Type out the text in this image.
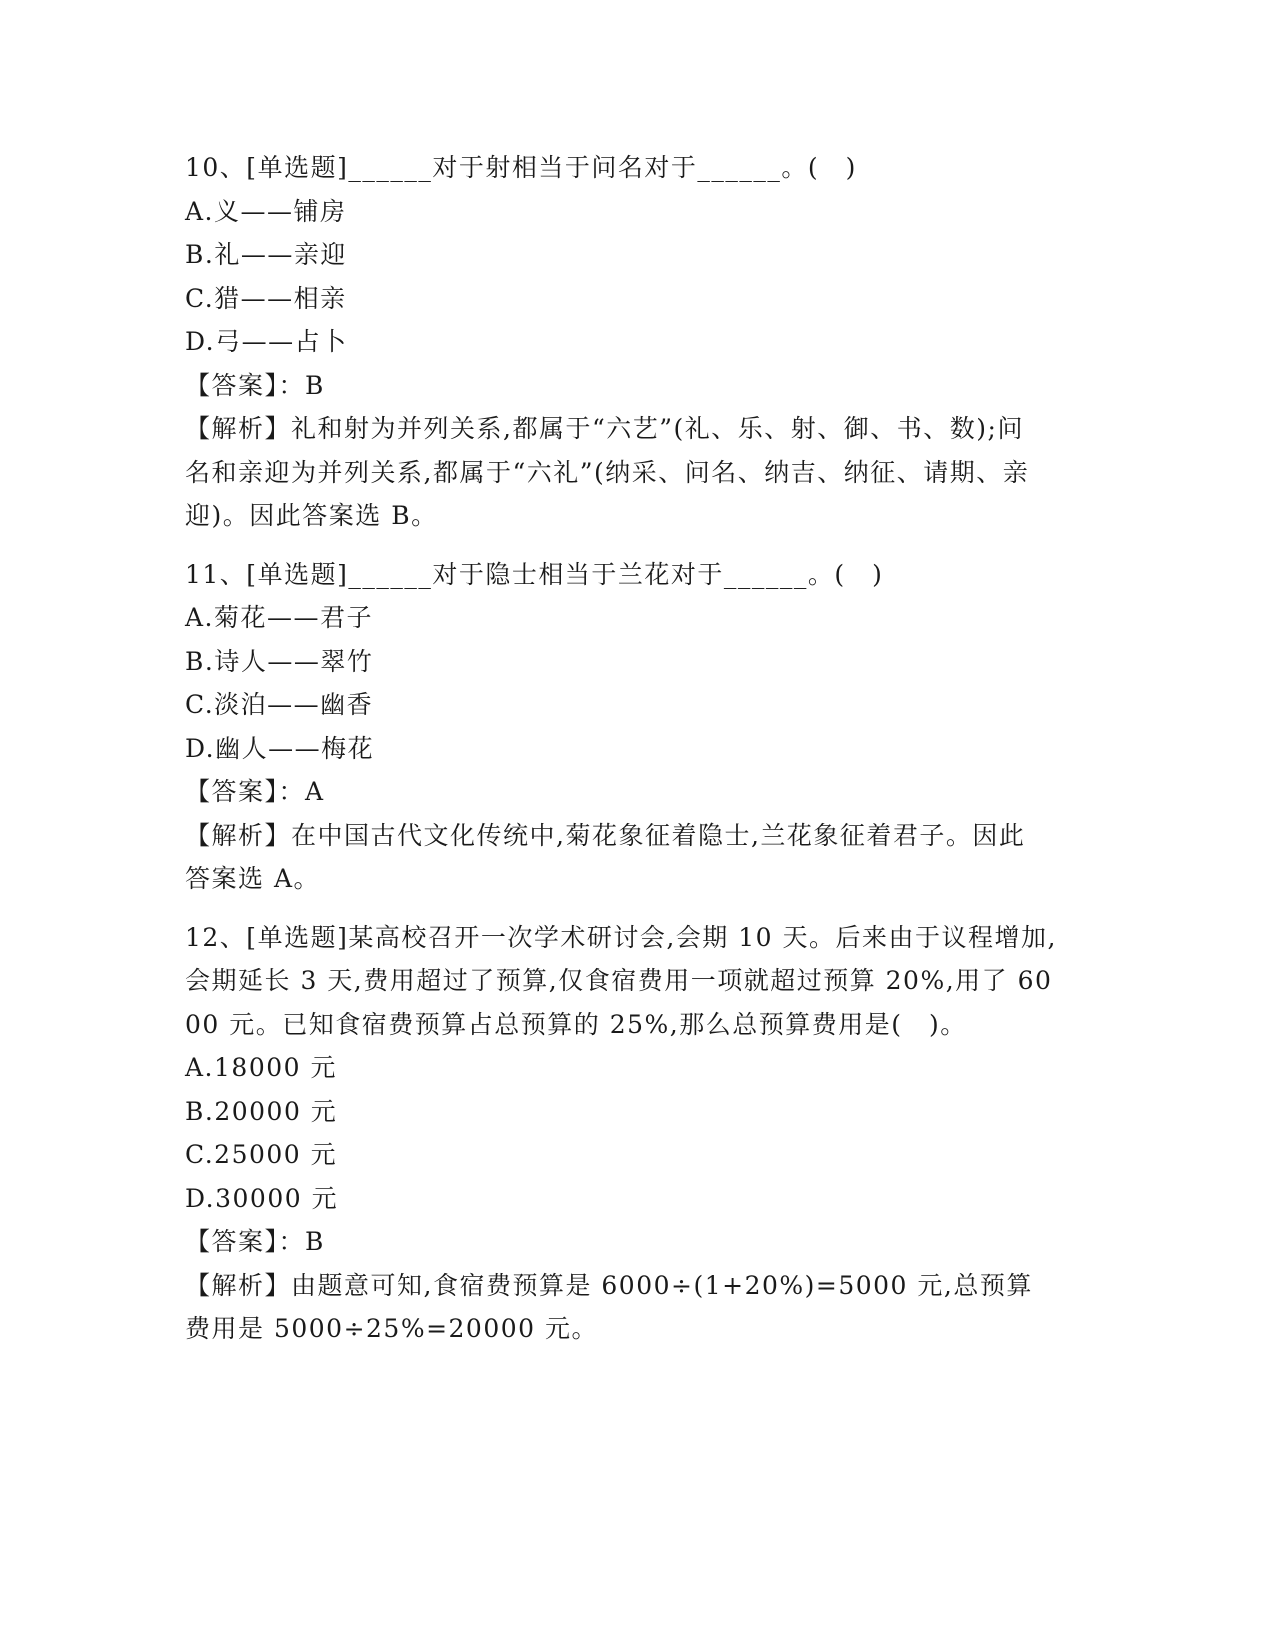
10、[单选题]______对于射相当于问名对于______。(　)
A.义——铺房
B.礼——亲迎
C.猎——相亲
D.弓——占卜
【答案】：B
【解析】礼和射为并列关系,都属于“六艺”(礼、乐、射、御、书、数);问名和亲迎为并列关系,都属于“六礼”(纳采、问名、纳吉、纳征、请期、亲迎)。因此答案选 B。
11、[单选题]______对于隐士相当于兰花对于______。(　)
A.菊花——君子
B.诗人——翠竹
C.淡泊——幽香
D.幽人——梅花
【答案】：A
【解析】在中国古代文化传统中,菊花象征着隐士,兰花象征着君子。因此答案选 A。
12、[单选题]某高校召开一次学术研讨会,会期 10 天。后来由于议程增加,会期延长 3 天,费用超过了预算,仅食宿费用一项就超过预算 20%,用了 6000 元。已知食宿费预算占总预算的 25%,那么总预算费用是(　)。
A.18000 元
B.20000 元
C.25000 元
D.30000 元
【答案】：B
【解析】由题意可知,食宿费预算是 6000÷(1+20%)=5000 元,总预算费用是 5000÷25%=20000 元。
